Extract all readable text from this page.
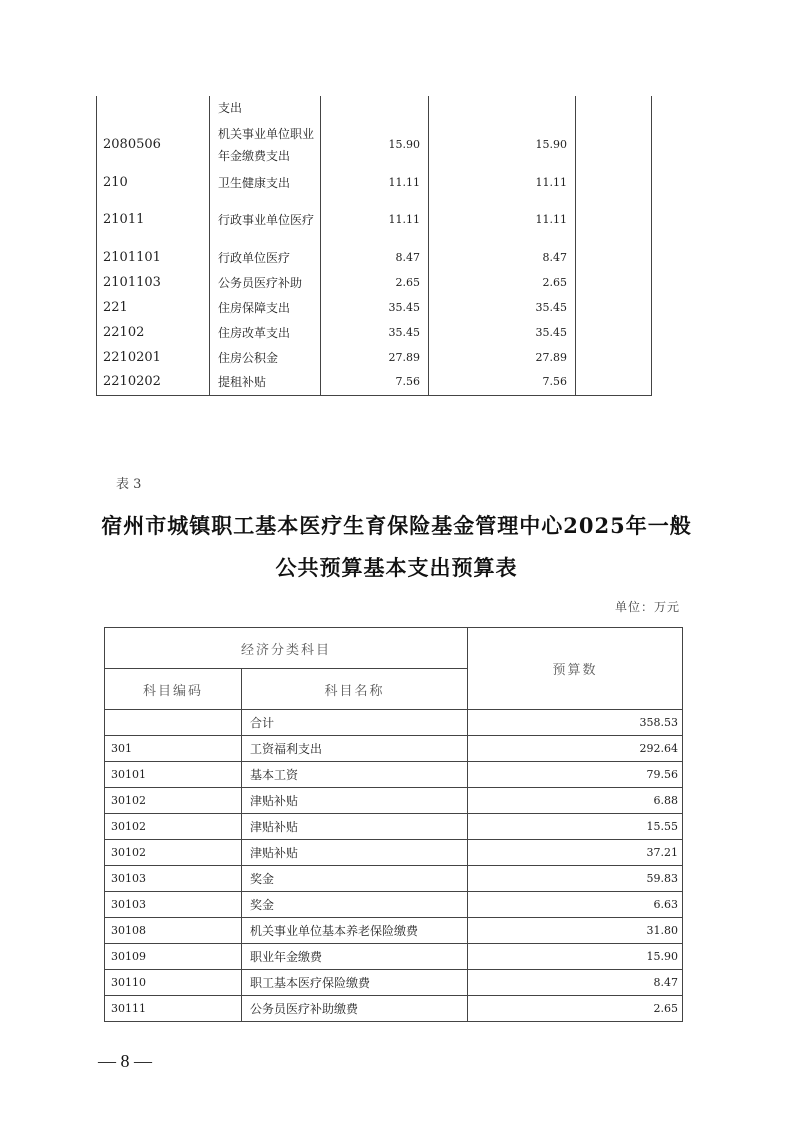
	支出			
2080506	机关事业单位职业年金缴费支出	15.90	15.90	
210	卫生健康支出	11.11	11.11	
21011	行政事业单位医疗	11.11	11.11	
2101101	行政单位医疗	8.47	8.47	
2101103	公务员医疗补助	2.65	2.65	
221	住房保障支出	35.45	35.45	
22102	住房改革支出	35.45	35.45	
2210201	住房公积金	27.89	27.89	
2210202	提租补贴	7.56	7.56	
表 3
宿州市城镇职工基本医疗生育保险基金管理中心2025年一般
公共预算基本支出预算表
单位：万元
经济分类科目		预算数
科目编码	科目名称	
	合计	358.53
301	工资福利支出	292.64
30101	基本工资	79.56
30102	津贴补贴	6.88
30102	津贴补贴	15.55
30102	津贴补贴	37.21
30103	奖金	59.83
30103	奖金	6.63
30108	机关事业单位基本养老保险缴费	31.80
30109	职业年金缴费	15.90
30110	职工基本医疗保险缴费	8.47
30111	公务员医疗补助缴费	2.65
— 8 —
